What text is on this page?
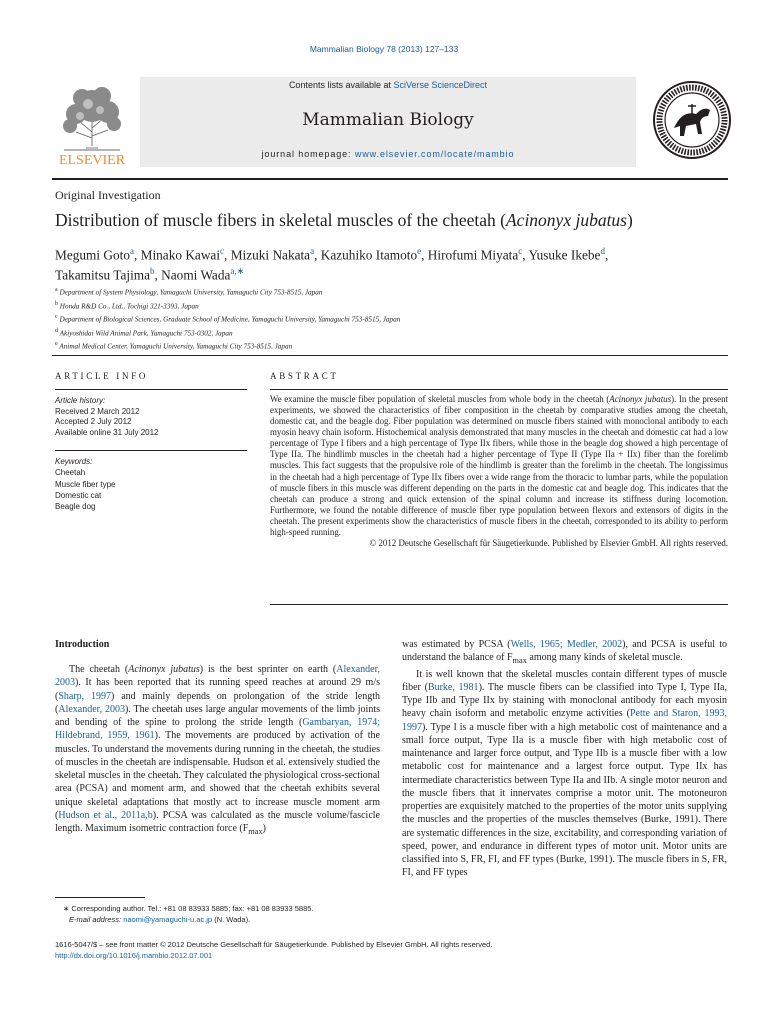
Mammalian Biology 78 (2013) 127–133
ELSEVIER
Contents lists available at SciVerse ScienceDirect
Mammalian Biology
journal homepage: www.elsevier.com/locate/mambio
Original Investigation
Distribution of muscle fibers in skeletal muscles of the cheetah (Acinonyx jubatus)
Megumi Goto$^a$, Minako Kawai$^c$, Mizuki Nakata$^a$, Kazuhiko Itamoto$^e$, Hirofumi Miyata$^c$, Yusuke Ikebe$^d$,
Takamitsu Tajima$^b$, Naomi Wada$^{a,∗}$
$^a$ Department of System Physiology, Yamaguchi University, Yamaguchi City 753-8515, Japan
$^b$ Honda R&D Co., Ltd., Tochigi 321-3393, Japan
$^c$ Department of Biological Sciences, Graduate School of Medicine, Yamaguchi University, Yamaguchi 753-8515, Japan
$^d$ Akiyoshidai Wild Animal Park, Yamaguchi 753-0302, Japan
$^e$ Animal Medical Center, Yamaguchi University, Yamaguchi City 753-8515, Japan
ARTICLE INFO
Article history:
Received 2 March 2012
Accepted 2 July 2012
Available online 31 July 2012
Keywords:
Cheetah
Muscle fiber type
Domestic cat
Beagle dog
ABSTRACT
We examine the muscle fiber population of skeletal muscles from whole body in the cheetah (Acinonyx jubatus). In the present experiments, we showed the characteristics of fiber composition in the cheetah by comparative studies among the cheetah, domestic cat, and the beagle dog. Fiber population was determined on muscle fibers stained with monoclonal antibody to each myosin heavy chain isoform. Histochemical analysis demonstrated that many muscles in the cheetah and domestic cat had a low percentage of Type I fibers and a high percentage of Type IIx fibers, while those in the beagle dog showed a high percentage of Type IIa. The hindlimb muscles in the cheetah had a higher percentage of Type II (Type IIa + IIx) fiber than the forelimb muscles. This fact suggests that the propulsive role of the hindlimb is greater than the forelimb in the cheetah. The longissimus in the cheetah had a high percentage of Type IIx fibers over a wide range from the thoracic to lumbar parts, while the population of muscle fibers in this muscle was different depending on the parts in the domestic cat and beagle dog. This indicates that the cheetah can produce a strong and quick extension of the spinal column and increase its stiffness during locomotion. Furthermore, we found the notable difference of muscle fiber type population between flexors and extensors of digits in the cheetah. The present experiments show the characteristics of muscle fibers in the cheetah, corresponded to its ability to perform high-speed running.
© 2012 Deutsche Gesellschaft für Säugetierkunde. Published by Elsevier GmbH. All rights reserved.
Introduction
The cheetah (Acinonyx jubatus) is the best sprinter on earth (Alexander, 2003). It has been reported that its running speed reaches at around 29 m/s (Sharp, 1997) and mainly depends on prolongation of the stride length (Alexander, 2003). The cheetah uses large angular movements of the limb joints and bending of the spine to prolong the stride length (Gambaryan, 1974; Hildebrand, 1959, 1961). The movements are produced by activation of the muscles. To understand the movements during running in the cheetah, the studies of muscles in the cheetah are indispensable. Hudson et al. extensively studied the skeletal muscles in the cheetah. They calculated the physiological cross-sectional area (PCSA) and moment arm, and showed that the cheetah exhibits several unique skeletal adaptations that mostly act to increase muscle moment arm (Hudson et al., 2011a,b). PCSA was calculated as the muscle volume/fascicle length. Maximum isometric contraction force $(F_{max})$
was estimated by PCSA (Wells, 1965; Medler, 2002), and PCSA is useful to understand the balance of $F_{max}$ among many kinds of skeletal muscle.
It is well known that the skeletal muscles contain different types of muscle fiber (Burke, 1981). The muscle fibers can be classified into Type I, Type IIa, Type IIb and Type IIx by staining with monoclonal antibody for each myosin heavy chain isoform and metabolic enzyme activities (Pette and Staron, 1993, 1997). Type I is a muscle fiber with a high metabolic cost of maintenance and a small force output, Type IIa is a muscle fiber with high metabolic cost of maintenance and larger force output, and Type IIb is a muscle fiber with a low metabolic cost for maintenance and a largest force output. Type IIx has intermediate characteristics between Type IIa and IIb. A single motor neuron and the muscle fibers that it innervates comprise a motor unit. The motoneuron properties are exquisitely matched to the properties of the motor units supplying the muscles and the properties of the muscles themselves (Burke, 1991). There are systematic differences in the size, excitability, and corresponding variation of speed, power, and endurance in different types of motor unit. Motor units are classified into S, FR, FI, and FF types (Burke, 1991). The muscle fibers in S, FR, FI, and FF types
∗ Corresponding author. Tel.: +81 08 83933 5885; fax: +81 08 83933 5885.
E-mail address: naomi@yamaguchi-u.ac.jp (N. Wada).
1616-5047/$ – see front matter © 2012 Deutsche Gesellschaft für Säugetierkunde. Published by Elsevier GmbH. All rights reserved.
http://dx.doi.org/10.1016/j.mambio.2012.07.001
